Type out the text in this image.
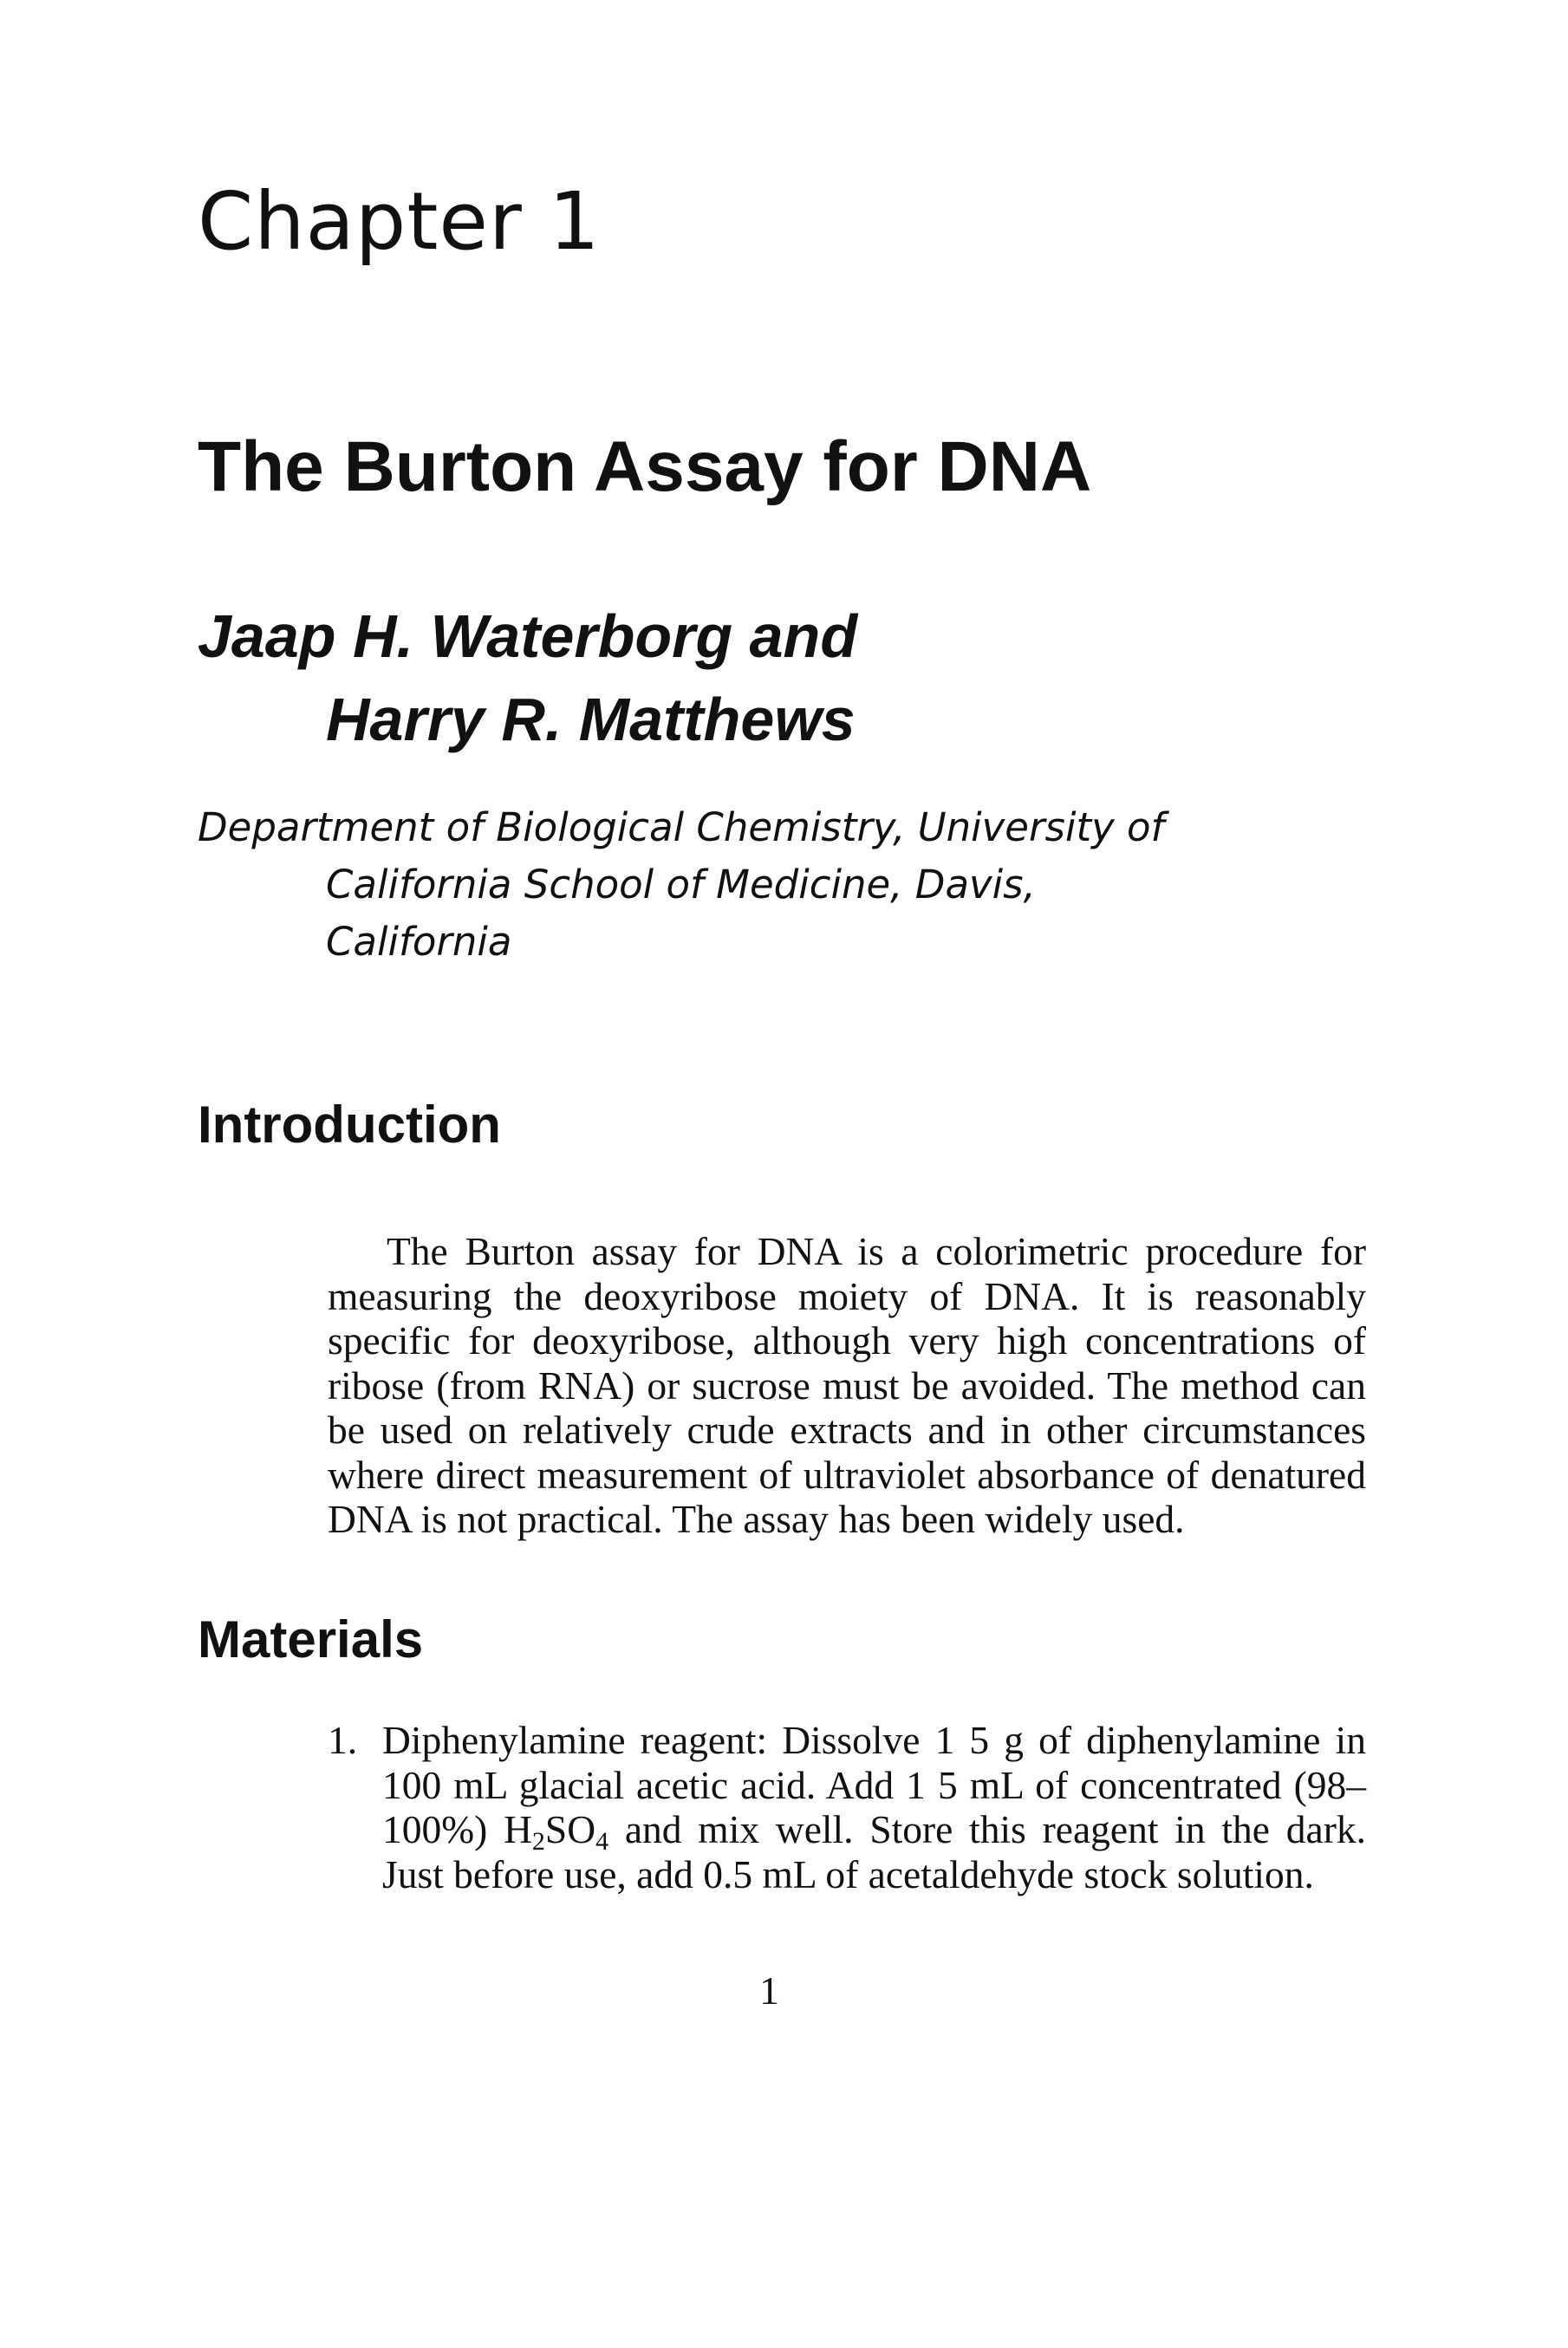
Chapter 1
The Burton Assay for DNA
Jaap H. Waterborg and
Harry R. Matthews
Department of Biological Chemistry, University of
California School of Medicine, Davis,
California
Introduction

The Burton assay for DNA is a colorimetric procedure for measuring the deoxyribose moiety of DNA. It is reasonably specific for deoxyribose, although very high concentrations of ribose (from RNA) or sucrose must be avoided. The method can be used on relatively crude extracts and in other circumstances where direct measurement of ultraviolet absorbance of denatured DNA is not practical. The assay has been widely used.

Materials
1. Diphenylamine reagent: Dissolve 1 5 g of diphenylamine in 100 mL glacial acetic acid. Add 1 5 mL of concentrated (98–100%) $H_2SO_4$ and mix well. Store this reagent in the dark. Just before use, add 0.5 mL of acetaldehyde stock solution.
1
